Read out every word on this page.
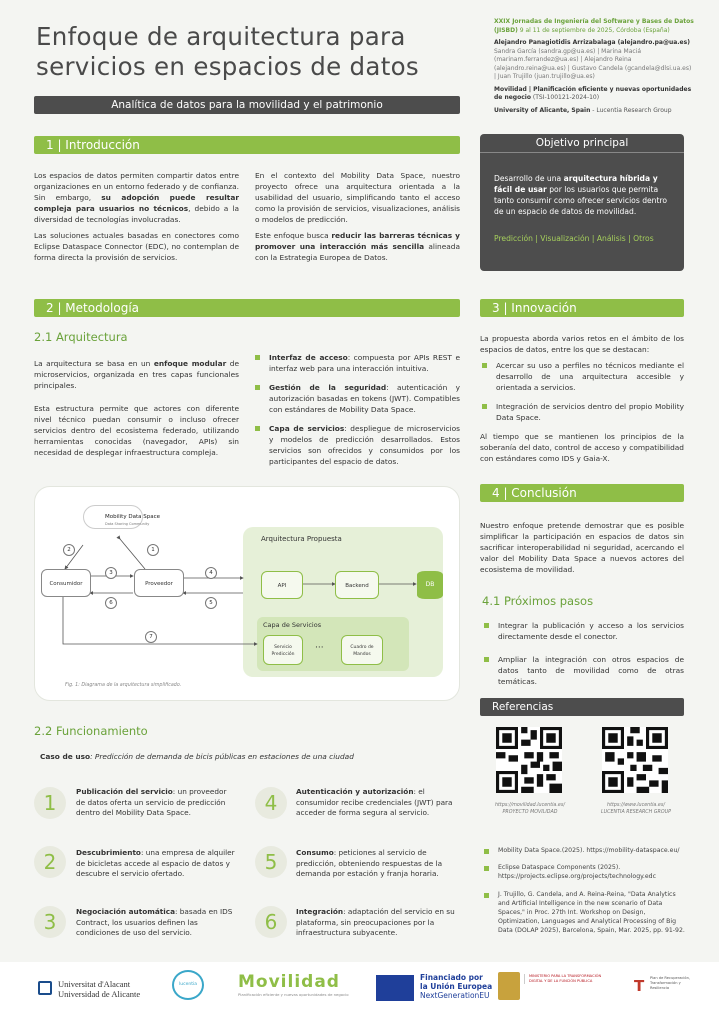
Enfoque de arquitectura para
servicios en espacios de datos
Analítica de datos para la movilidad y el patrimonio
XXIX Jornadas de Ingeniería del Software y Bases de Datos (JISBD) 9 al 11 de septiembre de 2025, Córdoba (España)
Alejandro Panagiotidis Arrizabalaga (alejandro.pa@ua.es)
Sandra García (sandra.gp@ua.es) | Marina Maciá (marinam.ferrandez@ua.es) | Alejandro Reina (alejandro.reina@ua.es) | Gustavo Candela (gcandela@dlsi.ua.es) | Juan Trujillo (juan.trujillo@ua.es)
Movilidad | Planificación eficiente y nuevas oportunidades de negocio (TSI-100121-2024-10)
University of Alicante, Spain - Lucentia Research Group
1 | Introducción

Los espacios de datos permiten compartir datos entre organizaciones en un entorno federado y de confianza. Sin embargo, su adopción puede resultar compleja para usuarios no técnicos, debido a la diversidad de tecnologías involucradas.

Las soluciones actuales basadas en conectores como Eclipse Dataspace Connector (EDC), no contemplan de forma directa la provisión de servicios.

En el contexto del Mobility Data Space, nuestro proyecto ofrece una arquitectura orientada a la usabilidad del usuario, simplificando tanto el acceso como la provisión de servicios, visualizaciones, análisis o modelos de predicción.

Este enfoque busca reducir las barreras técnicas y promover una interacción más sencilla alineada con la Estrategia Europea de Datos.

Objetivo principal
Desarrollo de una arquitectura híbrida y fácil de usar por los usuarios que permita tanto consumir como ofrecer servicios dentro de un espacio de datos de movilidad.
Predicción | Visualización | Análisis | Otros
2 | Metodología
2.1 Arquitectura

La arquitectura se basa en un enfoque modular de microservicios, organizada en tres capas funcionales principales.

Esta estructura permite que actores con diferente nivel técnico puedan consumir o incluso ofrecer servicios dentro del ecosistema federado, utilizando herramientas conocidas (navegador, APIs) sin necesidad de desplegar infraestructura compleja.

Interfaz de acceso: compuesta por APIs REST e interfaz web para una interacción intuitiva.
Gestión de la seguridad: autenticación y autorización basadas en tokens (JWT). Compatibles con estándares de Mobility Data Space.
Capa de servicios: despliegue de microservicios y modelos de predicción desarrollados. Estos servicios son ofrecidos y consumidos por los participantes del espacio de datos.
Mobility Data Space
Data Sharing Community
Consumidor	Proveedor
Arquitectura Propuesta
API	Backend	DB
Capa de Servicios
Servicio Predicción
···	Cuadro de Mandos
2	1
3
6
4
5
7
Fig. 1: Diagrama de la arquitectura simplificado.
2.2 Funcionamiento
Caso de uso: Predicción de demanda de bicis públicas en estaciones de una ciudad
1	Publicación del servicio: un proveedor de datos oferta un servicio de predicción dentro del Mobility Data Space.
2	Descubrimiento: una empresa de alquiler de bicicletas accede al espacio de datos y descubre el servicio ofertado.
3	Negociación automática: basada en IDS Contract, los usuarios definen las condiciones de uso del servicio.
4	Autenticación y autorización: el consumidor recibe credenciales (JWT) para acceder de forma segura al servicio.
5	Consumo: peticiones al servicio de predicción, obteniendo respuestas de la demanda por estación y franja horaria.
6	Integración: adaptación del servicio en su plataforma, sin preocupaciones por la infraestructura subyacente.
3 | Innovación

La propuesta aborda varios retos en el ámbito de los espacios de datos, entre los que se destacan:

Acercar su uso a perfiles no técnicos mediante el desarrollo de una arquitectura accesible y orientada a servicios.
Integración de servicios dentro del propio Mobility Data Space.

Al tiempo que se mantienen los principios de la soberanía del dato, control de acceso y compatibilidad con estándares como IDS y Gaia-X.

4 | Conclusión
Nuestro enfoque pretende demostrar que es posible simplificar la participación en espacios de datos sin sacrificar interoperabilidad ni seguridad, acercando el valor del Mobility Data Space a nuevos actores del ecosistema de movilidad.
4.1 Próximos pasos
Integrar la publicación y acceso a los servicios directamente desde el conector.
Ampliar la integración con otros espacios de datos tanto de movilidad como de otras temáticas.
Referencias
https://movilidad.lucentia.es/
PROYECTO MOVILIDAD
https://www.lucentia.es/
LUCENTIA RESEARCH GROUP
Mobility Data Space.(2025). https://mobility-dataspace.eu/
Eclipse Dataspace Components (2025). https://projects.eclipse.org/projects/technology.edc
J. Trujillo, G. Candela, and A. Reina-Reina, "Data Analytics and Artificial Intelligence in the new scenario of Data Spaces," in Proc. 27th Int. Workshop on Design, Optimization, Languages and Analytical Processing of Big Data (DOLAP 2025), Barcelona, Spain, Mar. 2025, pp. 91-92.
Universitat d'Alacant
Universidad de Alicante
lucentia	Movilidad
Planificación eficiente y nuevas oportunidades de negocio
Financiado por
la Unión Europea
NextGenerationEU
MINISTERIO PARA LA TRANSFORMACIÓN DIGITAL Y DE LA FUNCIÓN PÚBLICA	T Plan de Recuperación, Transformación y Resiliencia
